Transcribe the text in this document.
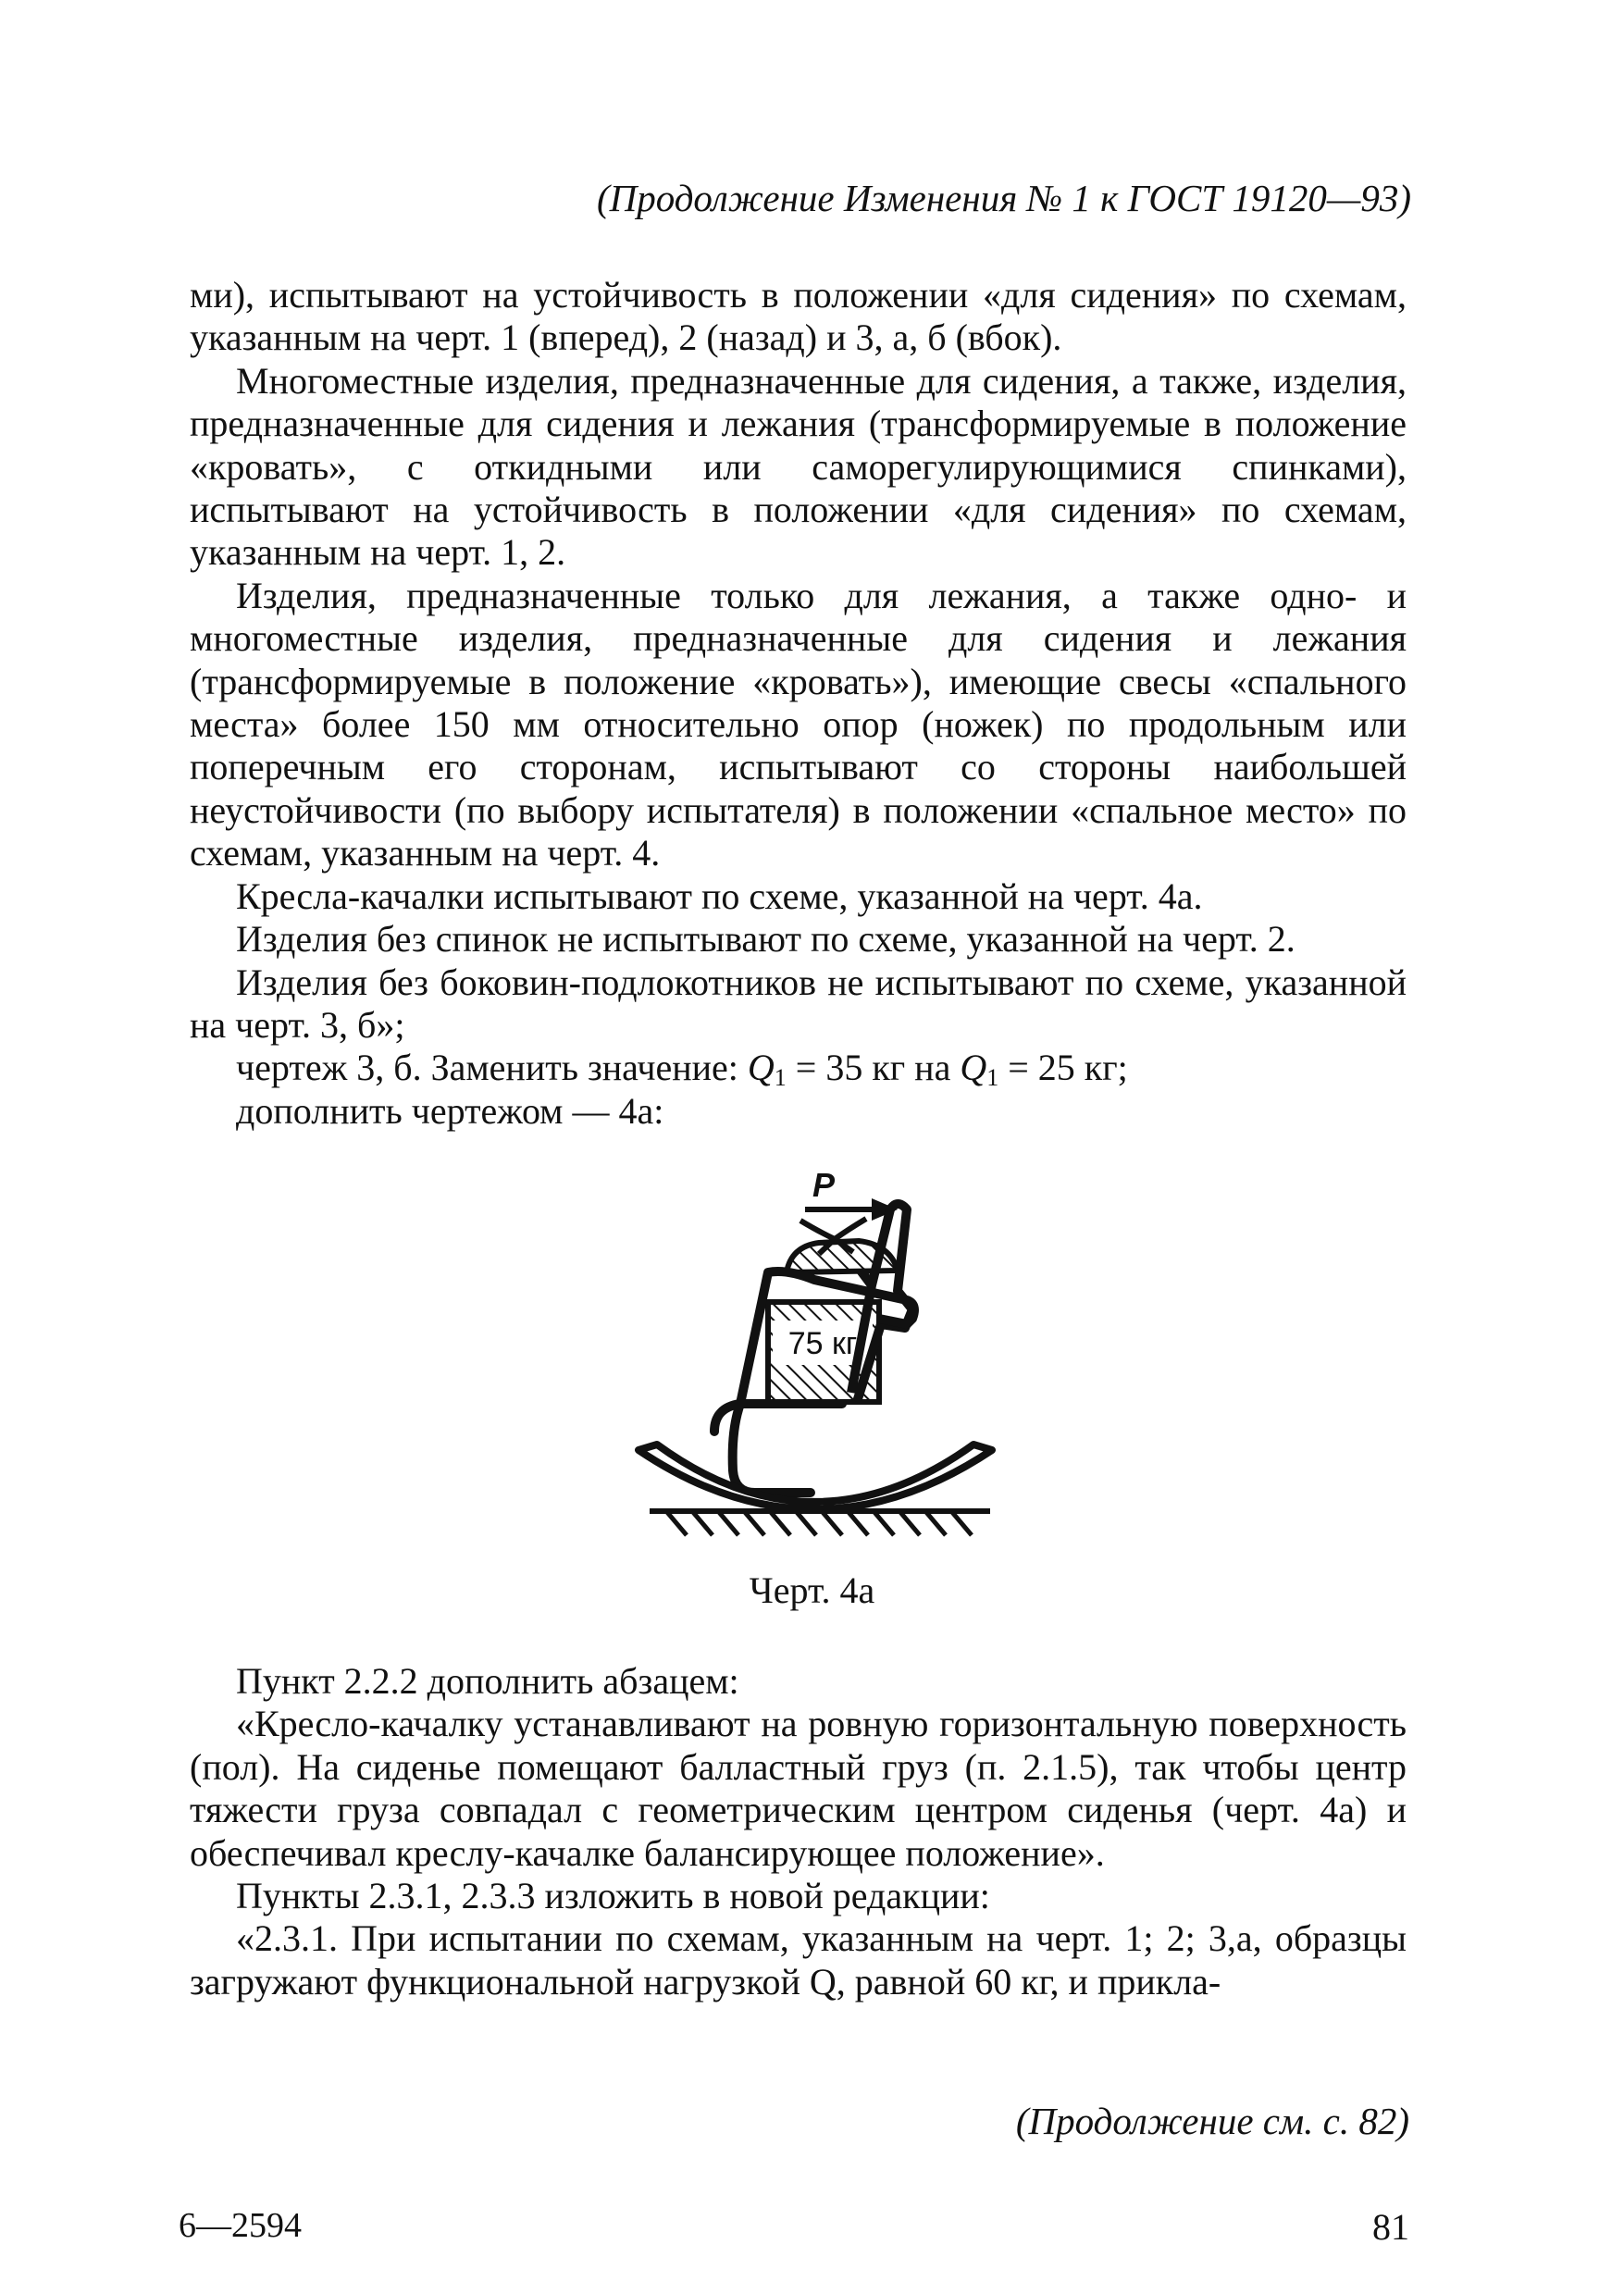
(Продолжение Изменения № 1 к ГОСТ 19120—93)

ми), испытывают на устойчивость в положении «для сидения» по схемам, указанным на черт. 1 (вперед), 2 (назад) и 3, а, б (вбок).

Многоместные изделия, предназначенные для сидения, а также, изделия, предназначенные для сидения и лежания (трансформируемые в положение «кровать», с откидными или саморегулирующимися спинками), испытывают на устойчивость в положении «для сидения» по схемам, указанным на черт. 1, 2.

Изделия, предназначенные только для лежания, а также одно- и многоместные изделия, предназначенные для сидения и лежания (трансформируемые в положение «кровать»), имеющие свесы «спального места» более 150 мм относительно опор (ножек) по продольным или поперечным его сторонам, испытывают со стороны наибольшей неустойчивости (по выбору испытателя) в положении «спальное место» по схемам, указанным на черт. 4.

Кресла-качалки испытывают по схеме, указанной на черт. 4а.

Изделия без спинок не испытывают по схеме, указанной на черт. 2.

Изделия без боковин-подлокотников не испытывают по схеме, указанной на черт. 3, б»;

чертеж 3, б. Заменить значение: $Q_1 = 35$ кг на $Q_1 = 25$ кг;

дополнить чертежом — 4а:

P
75 кг
Черт. 4а

Пункт 2.2.2 дополнить абзацем:

«Кресло-качалку устанавливают на ровную горизонтальную поверхность (пол). На сиденье помещают балластный груз (п. 2.1.5), так чтобы центр тяжести груза совпадал с геометрическим центром сиденья (черт. 4а) и обеспечивал креслу-качалке балансирующее положение».

Пункты 2.3.1, 2.3.3 изложить в новой редакции:

«2.3.1. При испытании по схемам, указанным на черт. 1; 2; 3,а, образцы загружают функциональной нагрузкой Q, равной 60 кг, и прикла-

(Продолжение см. с. 82)
6—2594	81
